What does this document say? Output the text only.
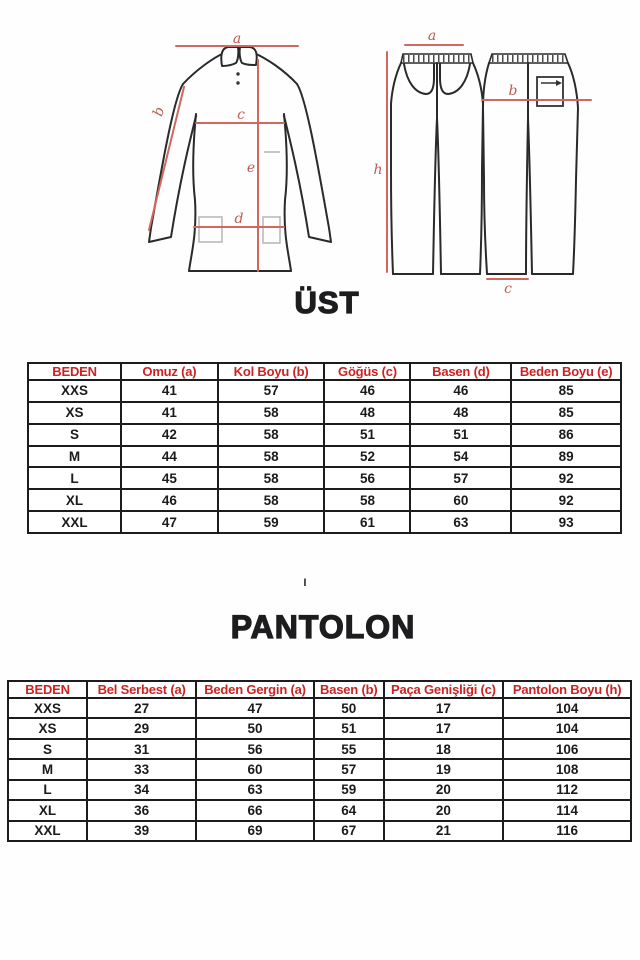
a
b	c
d
e
a
h
b
c
ÜST
BEDEN	Omuz (a)	Kol Boyu (b)	Göğüs (c)	Basen (d)	Beden Boyu (e)
XXS	41	57	46	46	85
XS	41	58	48	48	85
S	42	58	51	51	86
M	44	58	52	54	89
L	45	58	56	57	92
XL	46	58	58	60	92
XXL	47	59	61	63	93
ı
PANTOLON
BEDEN	Bel Serbest (a)	Beden Gergin (a)	Basen (b)	Paça Genişliği (c)	Pantolon Boyu (h)
XXS	27	47	50	17	104
XS	29	50	51	17	104
S	31	56	55	18	106
M	33	60	57	19	108
L	34	63	59	20	112
XL	36	66	64	20	114
XXL	39	69	67	21	116
